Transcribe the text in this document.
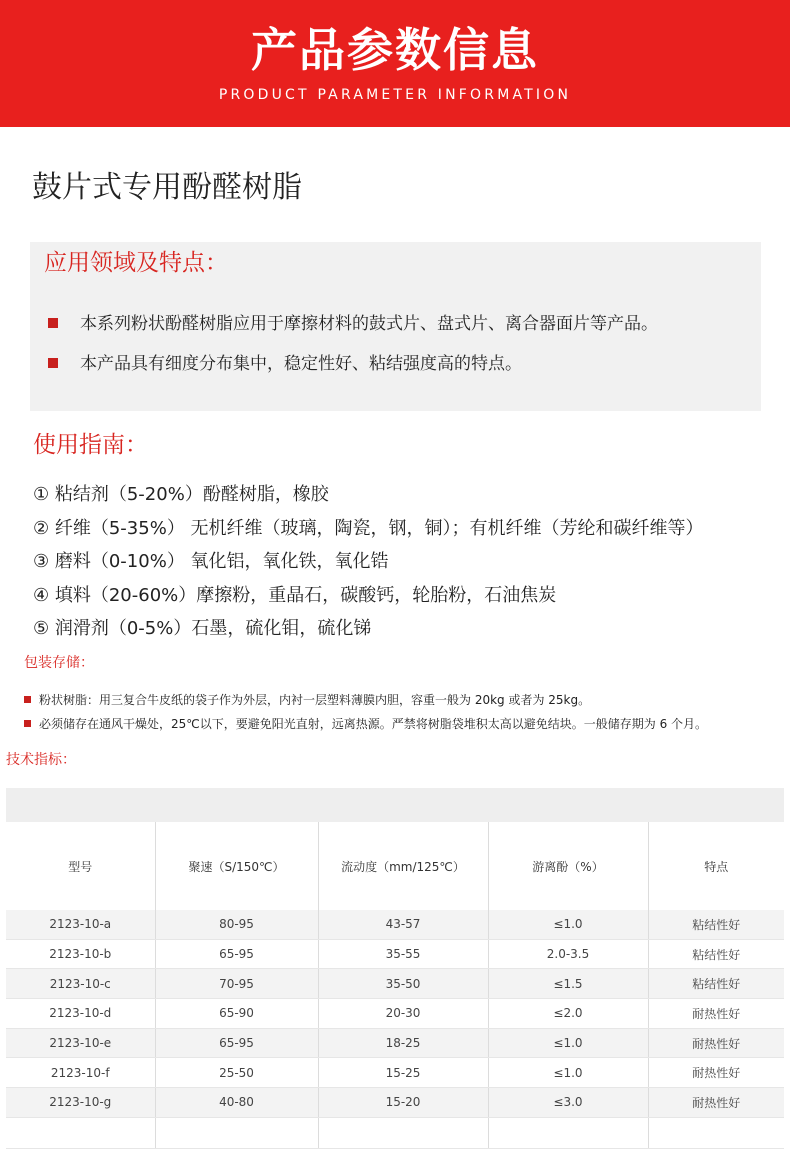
产品参数信息
PRODUCT PARAMETER INFORMATION
鼓片式专用酚醛树脂
应用领域及特点：
本系列粉状酚醛树脂应用于摩擦材料的鼓式片、盘式片、离合器面片等产品。
本产品具有细度分布集中，稳定性好、粘结强度高的特点。
使用指南：
① 粘结剂（5-20%）酚醛树脂，橡胶
② 纤维（5-35%） 无机纤维（玻璃，陶瓷，钢，铜）；有机纤维（芳纶和碳纤维等）
③ 磨料（0-10%） 氧化铝，氧化铁，氧化锆
④ 填料（20-60%）摩擦粉，重晶石，碳酸钙，轮胎粉，石油焦炭
⑤ 润滑剂（0-5%）石墨，硫化钼，硫化锑
包装存储：
粉状树脂：用三复合牛皮纸的袋子作为外层，内衬一层塑料薄膜内胆，容重一般为 20kg 或者为 25kg。
必须储存在通风干燥处，25℃以下，要避免阳光直射，远离热源。严禁将树脂袋堆积太高以避免结块。一般储存期为 6 个月。
技术指标：
型号	聚速（S/150℃）	流动度（mm/125℃）	游离酚（%）	特点
2123-10-a	80-95	43-57	≤1.0	粘结性好
2123-10-b	65-95	35-55	2.0-3.5	粘结性好
2123-10-c	70-95	35-50	≤1.5	粘结性好
2123-10-d	65-90	20-30	≤2.0	耐热性好
2123-10-e	65-95	18-25	≤1.0	耐热性好
2123-10-f	25-50	15-25	≤1.0	耐热性好
2123-10-g	40-80	15-20	≤3.0	耐热性好
